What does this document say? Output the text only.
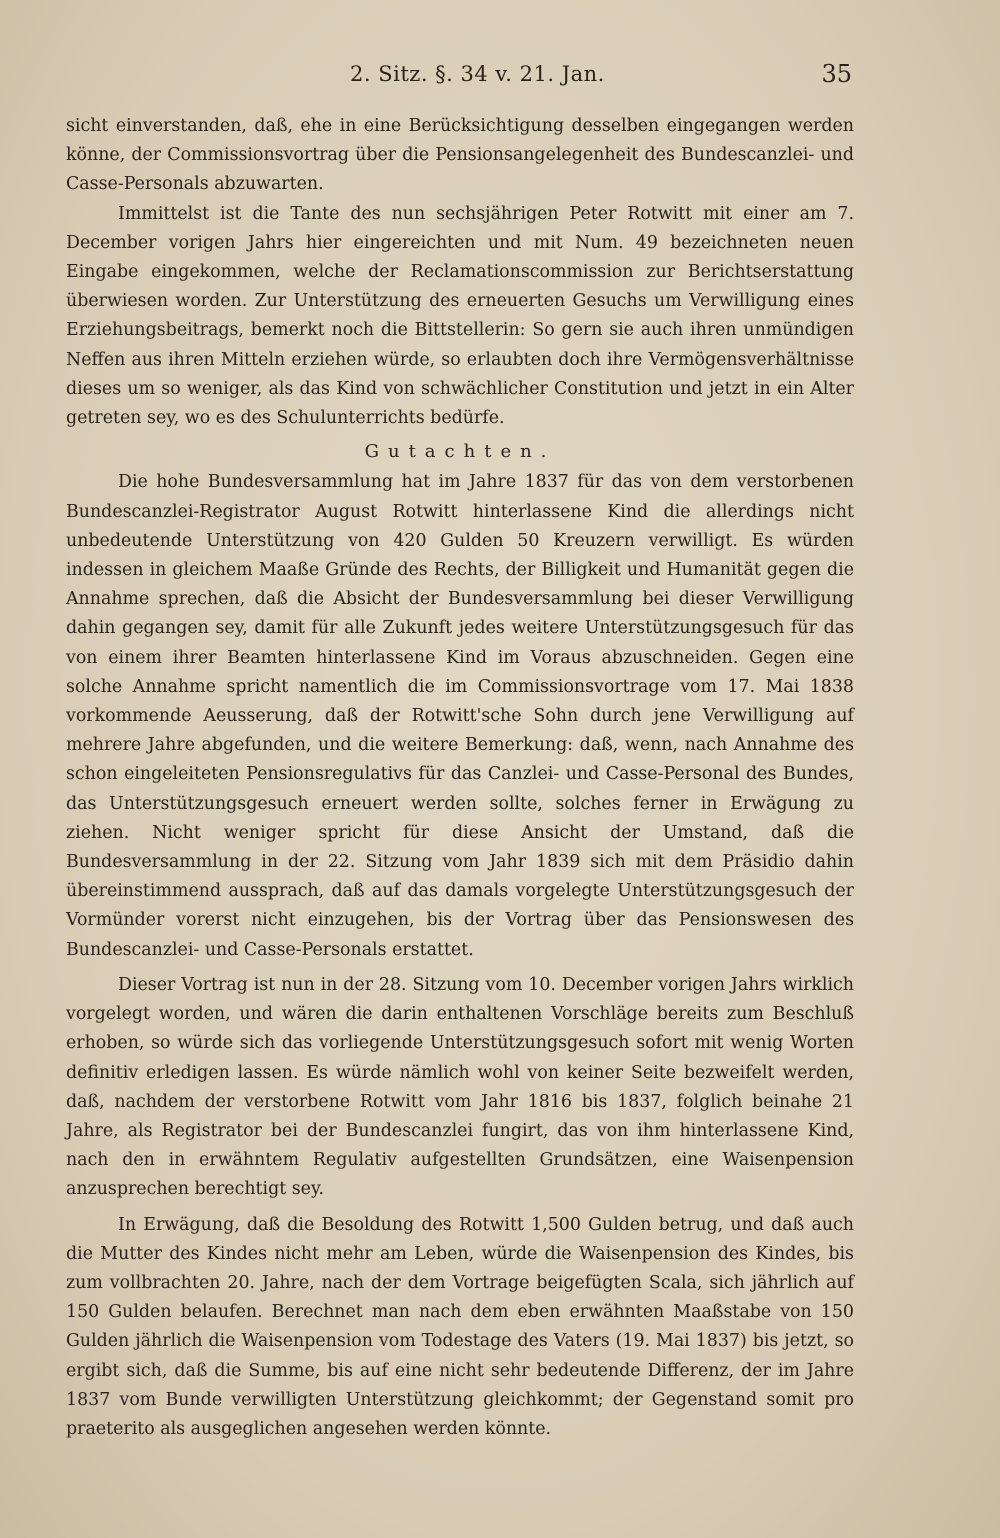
2. Sitz. §. 34 v. 21. Jan.	35

sicht einverstanden, daß, ehe in eine Berücksichtigung desselben eingegangen werden könne, der Commissionsvortrag über die Pensionsangelegenheit des Bundescanzlei- und Casse-Personals abzuwarten.

Immittelst ist die Tante des nun sechsjährigen Peter Rotwitt mit einer am 7. December vorigen Jahrs hier eingereichten und mit Num. 49 bezeichneten neuen Eingabe eingekommen, welche der Reclamationscommission zur Berichtserstattung überwiesen worden. Zur Unterstützung des erneuerten Gesuchs um Verwilligung eines Erziehungsbeitrags, bemerkt noch die Bittstellerin: So gern sie auch ihren unmündigen Neffen aus ihren Mitteln erziehen würde, so erlaubten doch ihre Vermögensverhältnisse dieses um so weniger, als das Kind von schwächlicher Constitution und jetzt in ein Alter getreten sey, wo es des Schulunterrichts bedürfe.

Gutachten.

Die hohe Bundesversammlung hat im Jahre 1837 für das von dem verstorbenen Bundescanzlei-Registrator August Rotwitt hinterlassene Kind die allerdings nicht unbedeutende Unterstützung von 420 Gulden 50 Kreuzern verwilligt. Es würden indessen in gleichem Maaße Gründe des Rechts, der Billigkeit und Humanität gegen die Annahme sprechen, daß die Absicht der Bundesversammlung bei dieser Verwilligung dahin gegangen sey, damit für alle Zukunft jedes weitere Unterstützungsgesuch für das von einem ihrer Beamten hinterlassene Kind im Voraus abzuschneiden. Gegen eine solche Annahme spricht namentlich die im Commissionsvortrage vom 17. Mai 1838 vorkommende Aeusserung, daß der Rotwitt'sche Sohn durch jene Verwilligung auf mehrere Jahre abgefunden, und die weitere Bemerkung: daß, wenn, nach Annahme des schon eingeleiteten Pensionsregulativs für das Canzlei- und Casse-Personal des Bundes, das Unterstützungsgesuch erneuert werden sollte, solches ferner in Erwägung zu ziehen. Nicht weniger spricht für diese Ansicht der Umstand, daß die Bundesversammlung in der 22. Sitzung vom Jahr 1839 sich mit dem Präsidio dahin übereinstimmend aussprach, daß auf das damals vorgelegte Unterstützungsgesuch der Vormünder vorerst nicht einzugehen, bis der Vortrag über das Pensionswesen des Bundescanzlei- und Casse-Personals erstattet.

Dieser Vortrag ist nun in der 28. Sitzung vom 10. December vorigen Jahrs wirklich vorgelegt worden, und wären die darin enthaltenen Vorschläge bereits zum Beschluß erhoben, so würde sich das vorliegende Unterstützungsgesuch sofort mit wenig Worten definitiv erledigen lassen. Es würde nämlich wohl von keiner Seite bezweifelt werden, daß, nachdem der verstorbene Rotwitt vom Jahr 1816 bis 1837, folglich beinahe 21 Jahre, als Registrator bei der Bundescanzlei fungirt, das von ihm hinterlassene Kind, nach den in erwähntem Regulativ aufgestellten Grundsätzen, eine Waisenpension anzusprechen berechtigt sey.

In Erwägung, daß die Besoldung des Rotwitt 1,500 Gulden betrug, und daß auch die Mutter des Kindes nicht mehr am Leben, würde die Waisenpension des Kindes, bis zum vollbrachten 20. Jahre, nach der dem Vortrage beigefügten Scala, sich jährlich auf 150 Gulden belaufen. Berechnet man nach dem eben erwähnten Maaßstabe von 150 Gulden jährlich die Waisenpension vom Todestage des Vaters (19. Mai 1837) bis jetzt, so ergibt sich, daß die Summe, bis auf eine nicht sehr bedeutende Differenz, der im Jahre 1837 vom Bunde verwilligten Unterstützung gleichkommt; der Gegenstand somit pro praeterito als ausgeglichen angesehen werden könnte.
